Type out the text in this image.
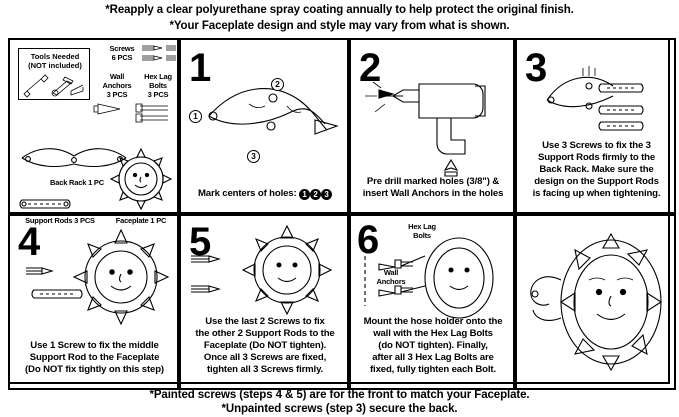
*Reapply a clear polyurethane spray coating annually to help protect the original finish.
*Your Faceplate design and style may vary from what is shown.
Tools Needed
(NOT included)
Screws
6 PCS
Wall
Anchors
3 PCS
Hex Lag
Bolts
3 PCS
Back Rack 1 PC
Support Rods 3 PCS	Faceplate 1 PC
1
1
2
3
Mark centers of holes: 1 2 3
2
Pre drill marked holes (3/8") &
insert Wall Anchors in the holes
3
Use 3 Screws to fix the 3
Support Rods firmly to the
Back Rack. Make sure the
design on the Support Rods
is facing up when tightening.
4
Use 1 Screw to fix the middle
Support Rod to the Faceplate
(Do NOT fix tightly on this step)
5
Use the last 2 Screws to fix
the other 2 Support Rods to the
Faceplate (Do NOT tighten).
Once all 3 Screws are fixed,
tighten all 3 Screws firmly.
6	Hex Lag
Bolts
Wall
Anchors
Mount the hose holder onto the
wall with the Hex Lag Bolts
(do NOT tighten). Finally,
after all 3 Hex Lag Bolts are
fixed, fully tighten each Bolt.
*Painted screws (steps 4 & 5) are for the front to match your Faceplate.
*Unpainted screws (step 3) secure the back.
